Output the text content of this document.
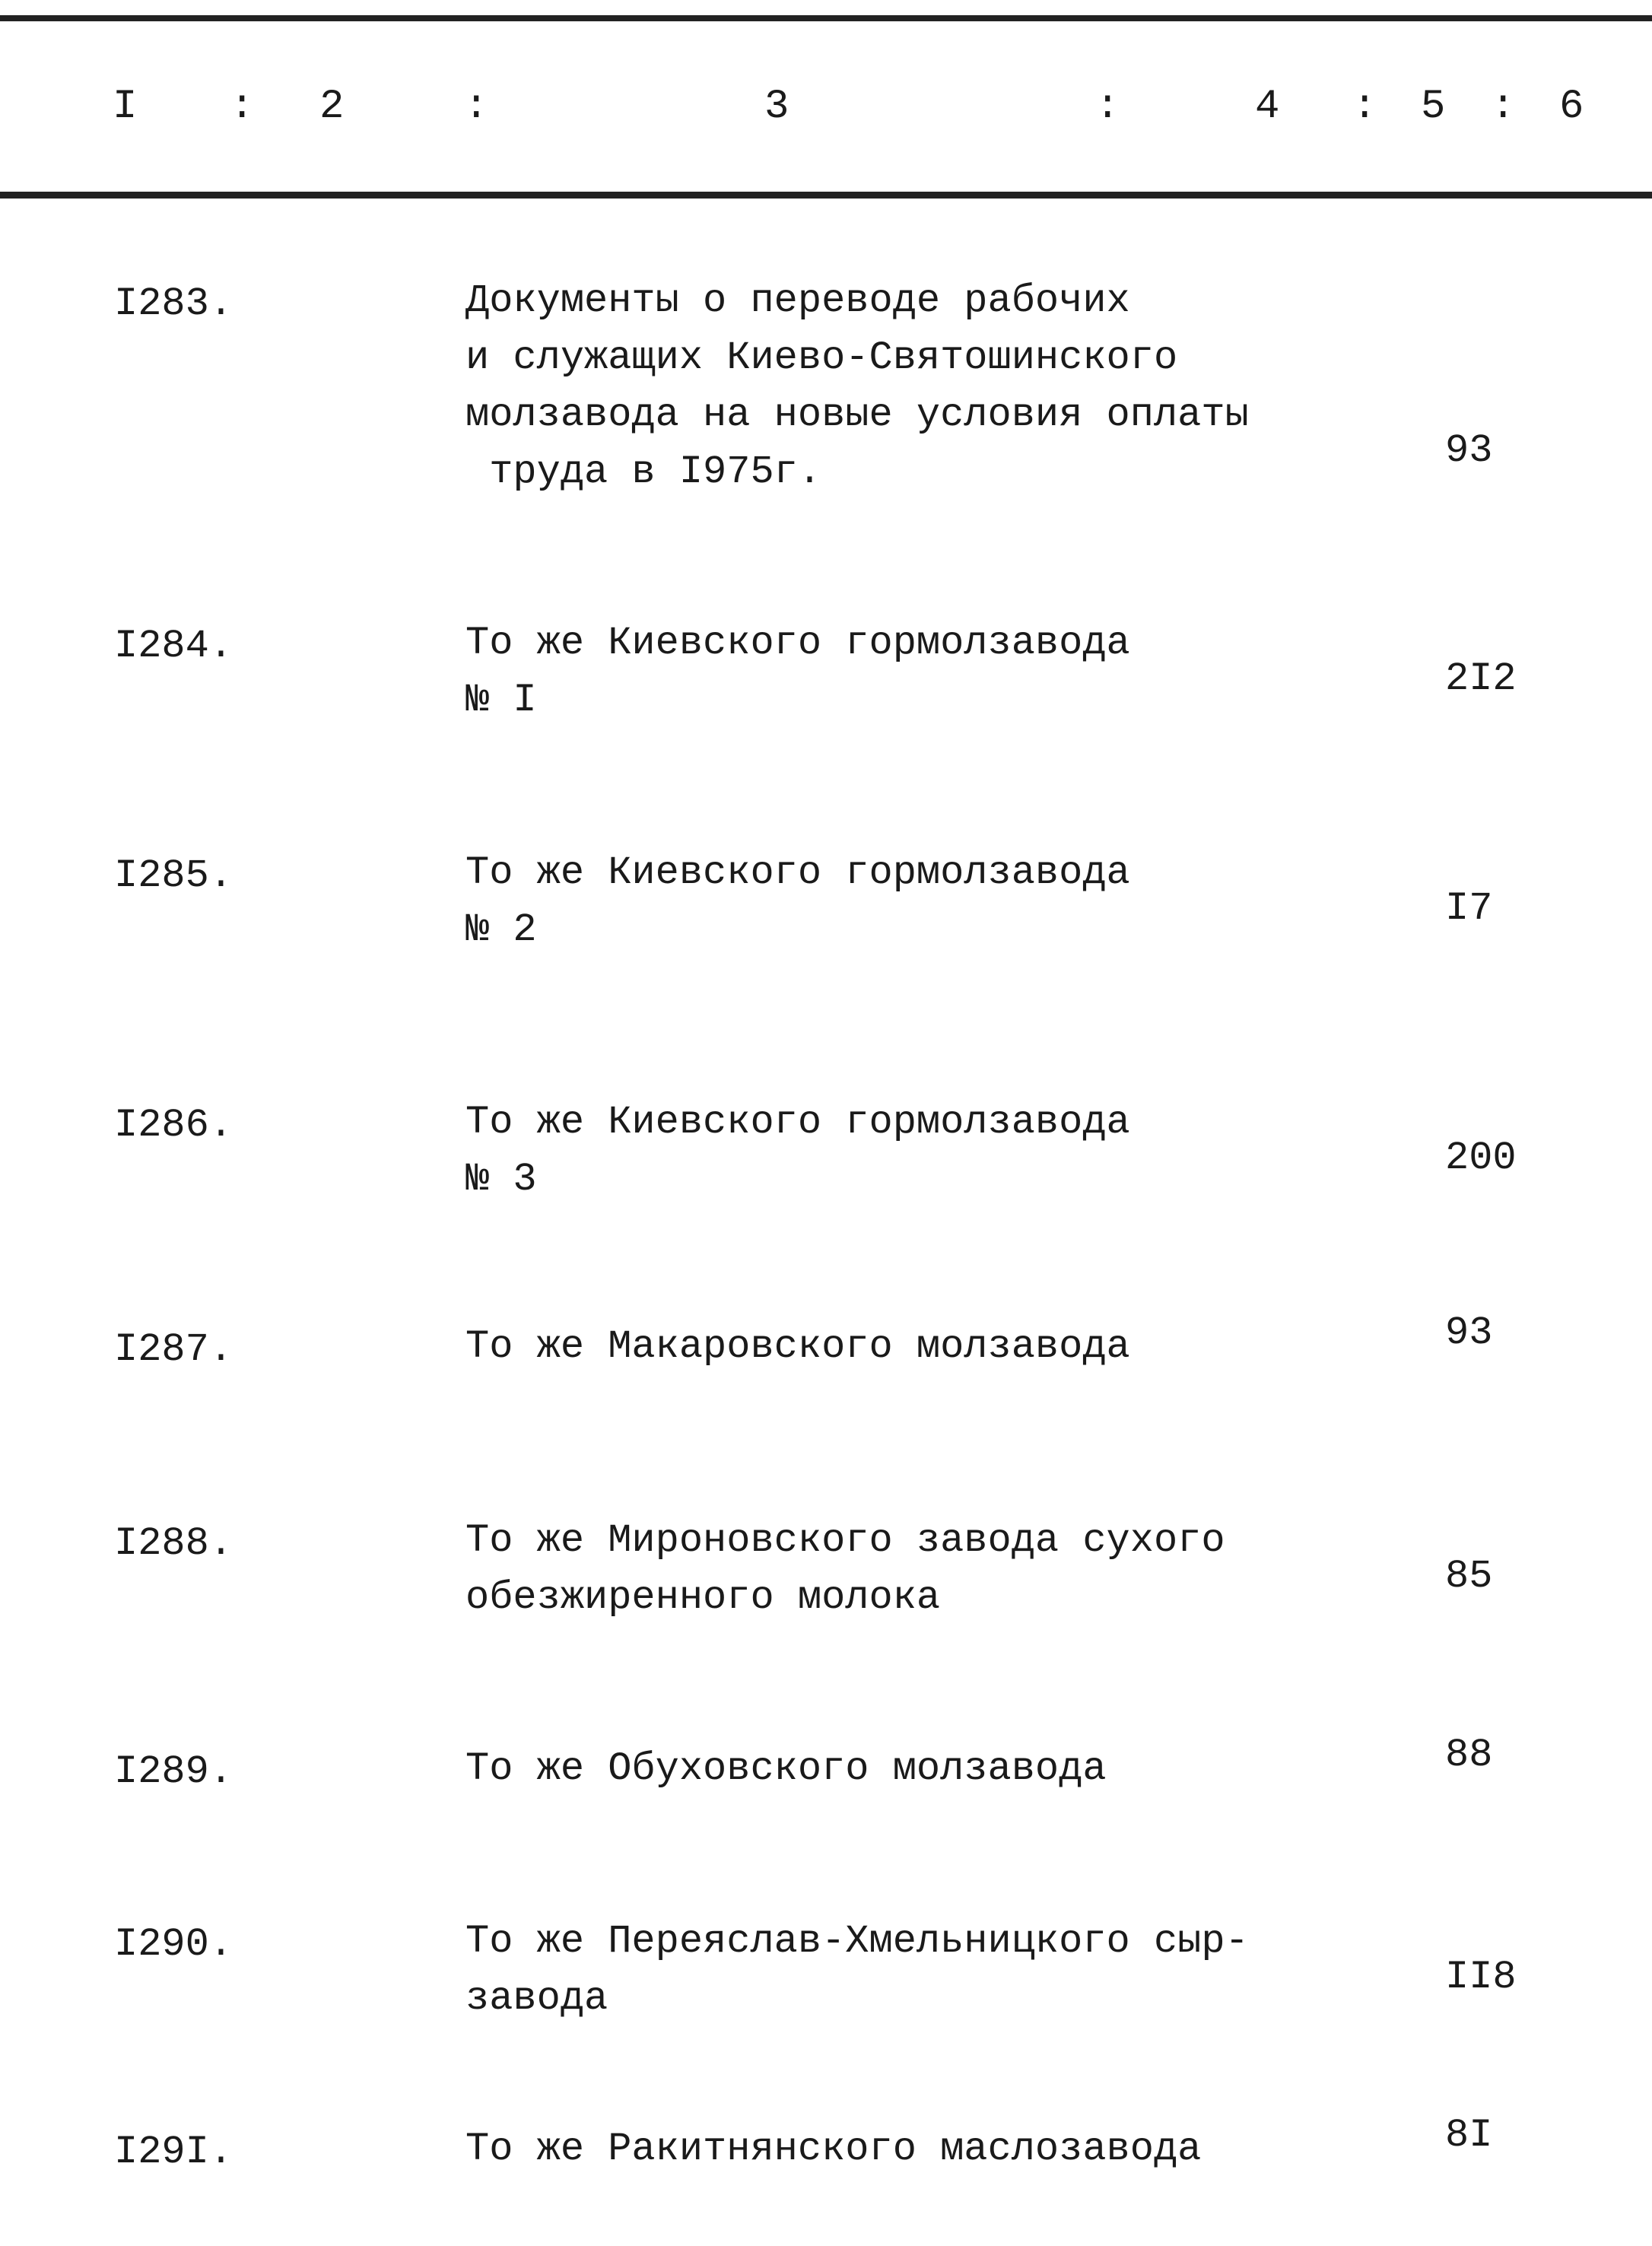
I : 2	:	3	:	4 : 5 : 6
I283.	Документы о переводе рабочих
и служащих Киево-Святошинского
молзавода на новые условия оплаты
труда в I975г.	93
I284.	То же Киевского гормолзавода
№ I	2I2
I285.	То же Киевского гормолзавода
№ 2	I7
I286.	То же Киевского гормолзавода
№ 3	200
I287.	То же Макаровского молзавода	93
I288.	То же Мироновского завода сухого
обезжиренного молока	85
I289.	То же Обуховского молзавода	88
I290.	То же Переяслав-Хмельницкого сыр-
завода	II8
I29I.	То же Ракитнянского маслозавода	8I
